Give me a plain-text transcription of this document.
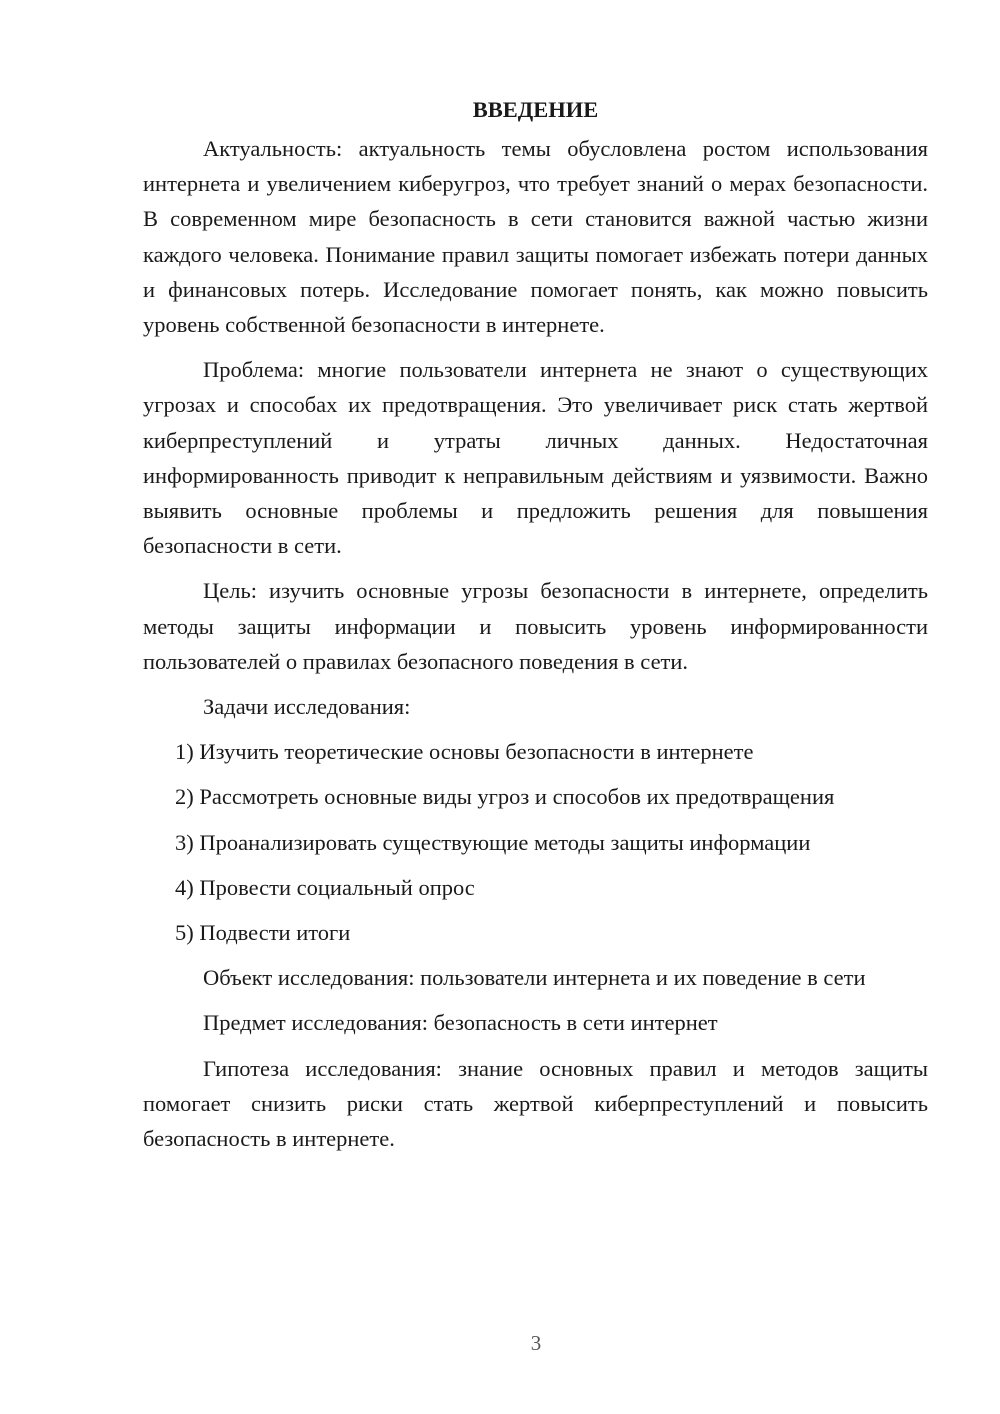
ВВЕДЕНИЕ

Актуальность: актуальность темы обусловлена ростом использования интернета и увеличением киберугроз, что требует знаний о мерах безопасности. В современном мире безопасность в сети становится важной частью жизни каждого человека. Понимание правил защиты помогает избежать потери данных и финансовых потерь. Исследование помогает понять, как можно повысить уровень собственной безопасности в интернете.

Проблема: многие пользователи интернета не знают о существующих угрозах и способах их предотвращения. Это увеличивает риск стать жертвой киберпреступлений и утраты личных данных. Недостаточная информированность приводит к неправильным действиям и уязвимости. Важно выявить основные проблемы и предложить решения для повышения безопасности в сети.

Цель: изучить основные угрозы безопасности в интернете, определить методы защиты информации и повысить уровень информированности пользователей о правилах безопасного поведения в сети.

Задачи исследования:

1) Изучить теоретические основы безопасности в интернете

2) Рассмотреть основные виды угроз и способов их предотвращения

3) Проанализировать существующие методы защиты информации

4) Провести социальный опрос

5) Подвести итоги

Объект исследования: пользователи интернета и их поведение в сети

Предмет исследования: безопасность в сети интернет

Гипотеза исследования: знание основных правил и методов защиты помогает снизить риски стать жертвой киберпреступлений и повысить безопасность в интернете.

3
